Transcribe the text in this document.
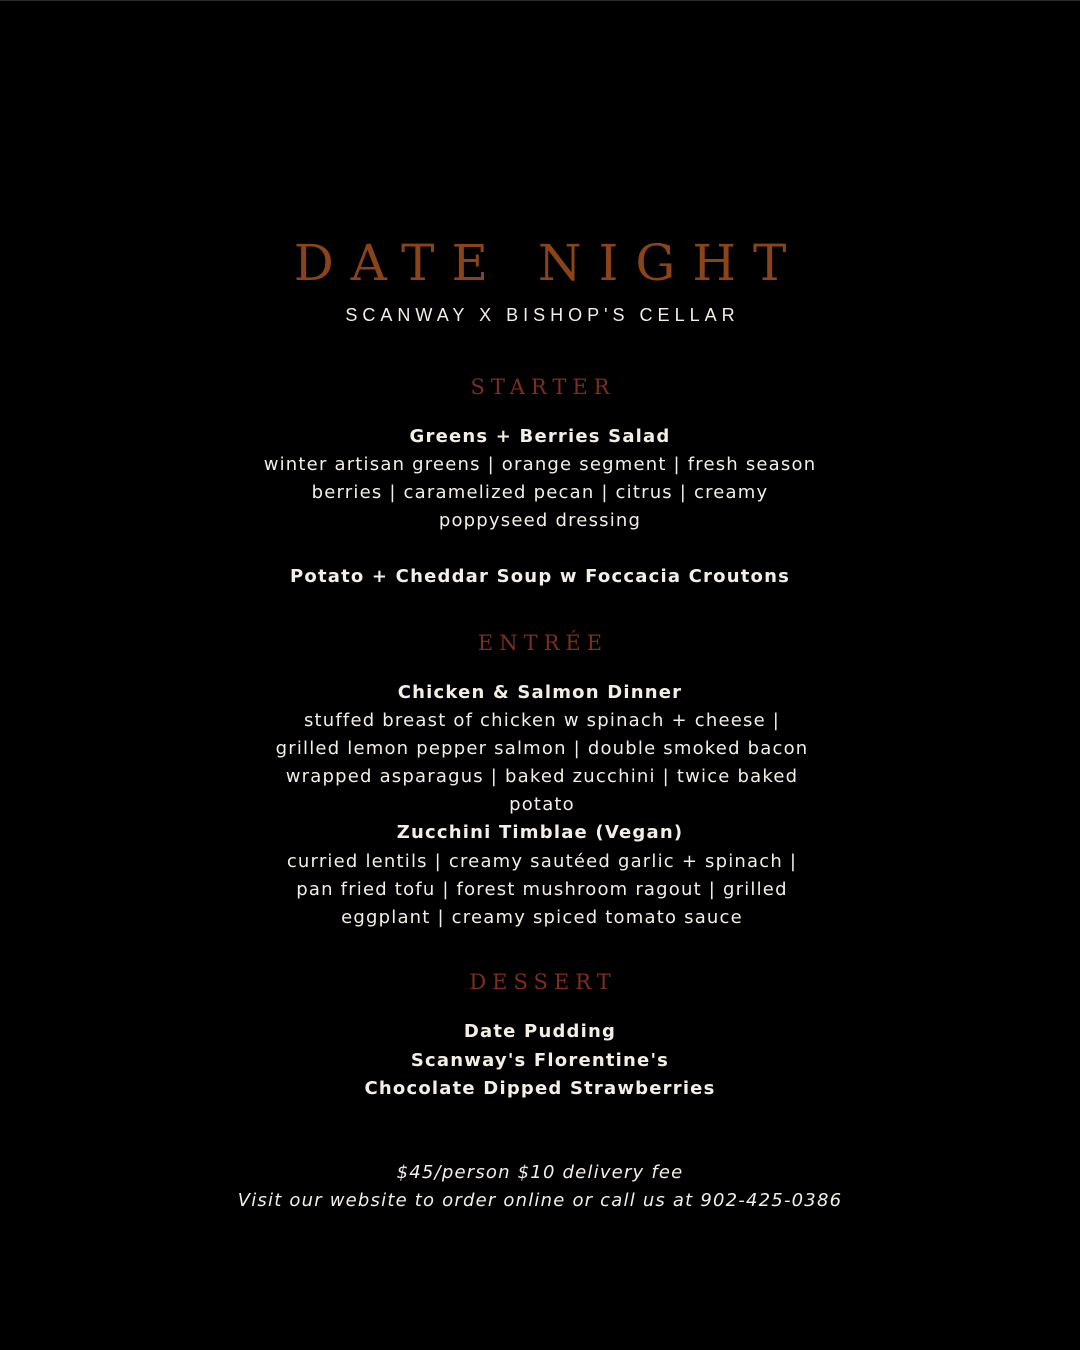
DATE NIGHT
SCANWAY X BISHOP'S CELLAR
STARTER
Greens + Berries Salad
winter artisan greens | orange segment | fresh season berries | caramelized pecan | citrus | creamy poppyseed dressing
Potato + Cheddar Soup w Foccacia Croutons
ENTRÉE
Chicken & Salmon Dinner
stuffed breast of chicken w spinach + cheese | grilled lemon pepper salmon | double smoked bacon wrapped asparagus | baked zucchini | twice baked potato
Zucchini Timblae (Vegan)
curried lentils | creamy sautéed garlic + spinach | pan fried tofu | forest mushroom ragout | grilled eggplant | creamy spiced tomato sauce
DESSERT
Date Pudding
Scanway's Florentine's
Chocolate Dipped Strawberries
$45/person $10 delivery fee
Visit our website to order online or call us at 902-425-0386
